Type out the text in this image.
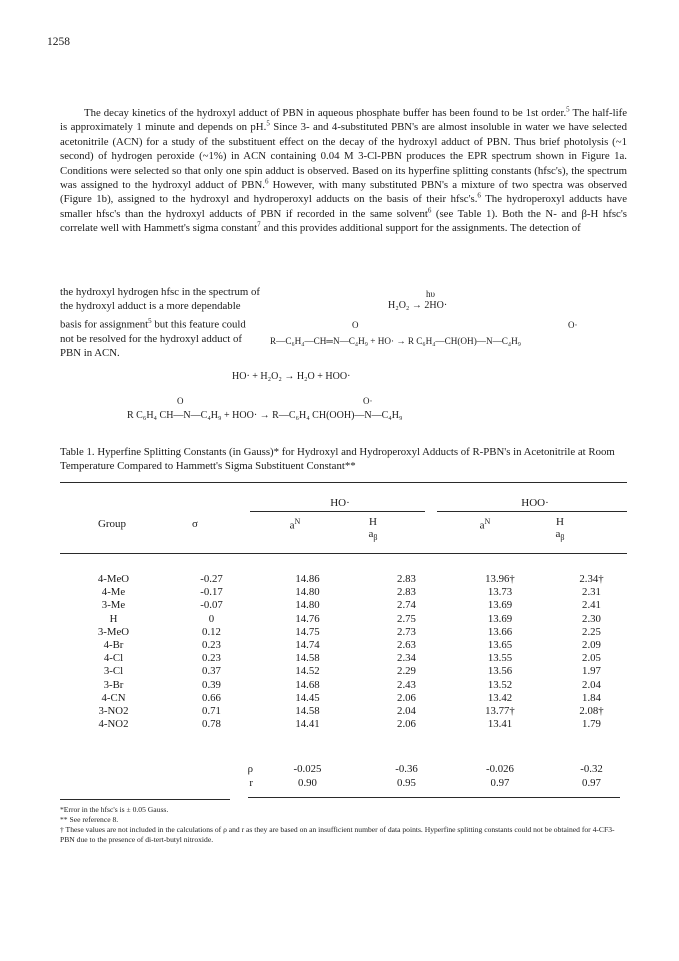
1258

The decay kinetics of the hydroxyl adduct of PBN in aqueous phosphate buffer has been found to be 1st order.$^5$ The half-life is approximately 1 minute and depends on pH.$^5$ Since 3- and 4-substituted PBN's are almost insoluble in water we have selected acetonitrile (ACN) for a study of the substituent effect on the decay of the hydroxyl adduct of PBN. Thus brief photolysis (~1 second) of hydrogen peroxide (~1%) in ACN containing 0.04 M 3-Cl-PBN produces the EPR spectrum shown in Figure 1a. Conditions were selected so that only one spin adduct is observed. Based on its hyperfine splitting constants (hfsc's), the spectrum was assigned to the hydroxyl adduct of PBN.$^6$ However, with many substituted PBN's a mixture of two spectra was observed (Figure 1b), assigned to the hydroxyl and hydroperoxyl adducts on the basis of their hfsc's.$^6$ The hydroperoxyl adducts have smaller hfsc's than the hydroxyl adducts of PBN if recorded in the same solvent$^6$ (see Table 1). Both the N- and β-H hfsc's correlate well with Hammett's sigma constant$^7$ and this provides additional support for the assignments. The detection of

the hydroxyl hydrogen hfsc in the spectrum of the hydroxyl adduct is a more dependable basis for assignment$^5$ but this feature could not be resolved for the hydroxyl adduct of PBN in ACN.

hυ
H₂O₂ → 2HO·
O	O·
R—C₆H₄—CH═N—C₄H₉ + HO· → R C₆H₄—CH(OH)—N—C₄H₉
HO· + H₂O₂ → H₂O + HOO·
O	O·
R C₆H₄ CH—N—C₄H₉ + HOO· → R—C₆H₄ CH(OOH)—N—C₄H₉

Table 1. Hyperfine Splitting Constants (in Gauss)* for Hydroxyl and Hydroperoxyl Adducts of R-PBN's in Acetonitrile at Room Temperature Compared to Hammett's Sigma Substituent Constant**

HO·	HOO·
Group	σ	$a^N$	H
$a_\beta$
$a^N$	H
$a_\beta$
4-MeO	-0.27	14.86	2.83	13.96†	2.34†
4-Me	-0.17	14.80	2.83	13.73	2.31
3-Me	-0.07	14.80	2.74	13.69	2.41
H	0	14.76	2.75	13.69	2.30
3-MeO	0.12	14.75	2.73	13.66	2.25
4-Br	0.23	14.74	2.63	13.65	2.09
4-Cl	0.23	14.58	2.34	13.55	2.05
3-Cl	0.37	14.52	2.29	13.56	1.97
3-Br	0.39	14.68	2.43	13.52	2.04
4-CN	0.66	14.45	2.06	13.42	1.84
3-NO2	0.71	14.58	2.04	13.77†	2.08†
4-NO2	0.78	14.41	2.06	13.41	1.79
ρ	-0.025	-0.36	-0.026	-0.32
r	0.90	0.95	0.97	0.97
*Error in the hfsc's is ± 0.05 Gauss.
** See reference 8.
† These values are not included in the calculations of ρ and r as they are based on an insufficient number of data points. Hyperfine splitting constants could not be obtained for 4-CF3-PBN due to the presence of di-tert-butyl nitroxide.
